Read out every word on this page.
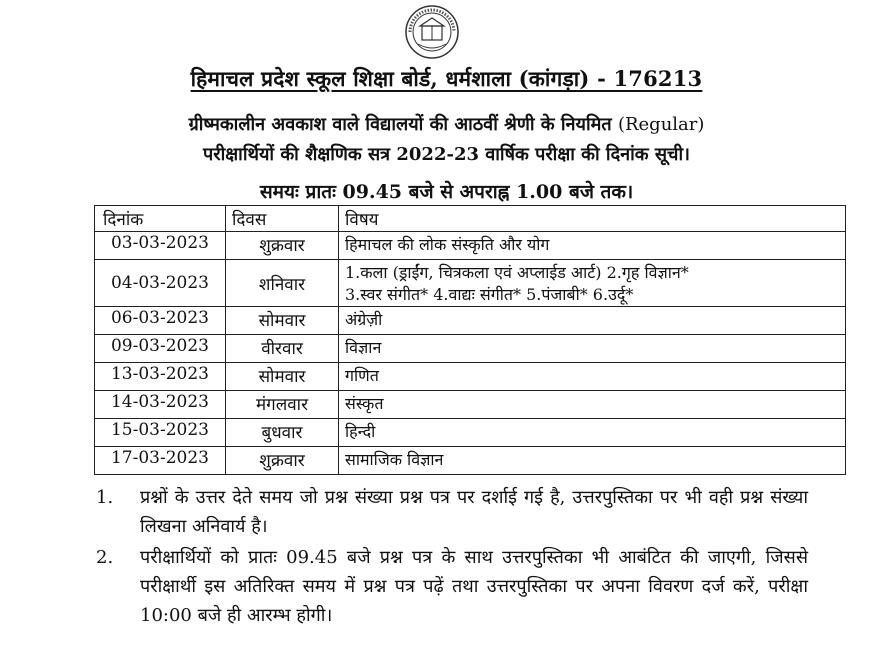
हिमाचल प्रदेश स्कूल शिक्षा बोर्ड, धर्मशाला (कांगड़ा) - 176213
ग्रीष्मकालीन अवकाश वाले विद्यालयों की आठवीं श्रेणी के नियमित (Regular)
परीक्षार्थियों की शैक्षणिक सत्र 2022-23 वार्षिक परीक्षा की दिनांक सूची।
समयः प्रातः 09.45 बजे से अपराह्न 1.00 बजे तक।
दिनांक	दिवस	विषय
03-03-2023	शुक्रवार	हिमाचल की लोक संस्कृति और योग
04-03-2023	शनिवार	1.कला (ड्राईंग, चित्रकला एवं अप्लाईड आर्ट) 2.गृह विज्ञान*
3.स्वर संगीत* 4.वाद्यः संगीत* 5.पंजाबी* 6.उर्दू*

06-03-2023	सोमवार	अंग्रेज़ी
09-03-2023	वीरवार	विज्ञान
13-03-2023	सोमवार	गणित
14-03-2023	मंगलवार	संस्कृत
15-03-2023	बुधवार	हिन्दी
17-03-2023	शुक्रवार	सामाजिक विज्ञान
1.	प्रश्नों के उत्तर देते समय जो प्रश्न संख्या प्रश्न पत्र पर दर्शाई गई है, उत्तरपुस्तिका पर भी वही प्रश्न संख्या लिखना अनिवार्य है।
2.	परीक्षार्थियों को प्रातः 09.45 बजे प्रश्न पत्र के साथ उत्तरपुस्तिका भी आबंटित की जाएगी, जिससे परीक्षार्थी इस अतिरिक्त समय में प्रश्न पत्र पढ़ें तथा उत्तरपुस्तिका पर अपना विवरण दर्ज करें, परीक्षा 10:00 बजे ही आरम्भ होगी।
